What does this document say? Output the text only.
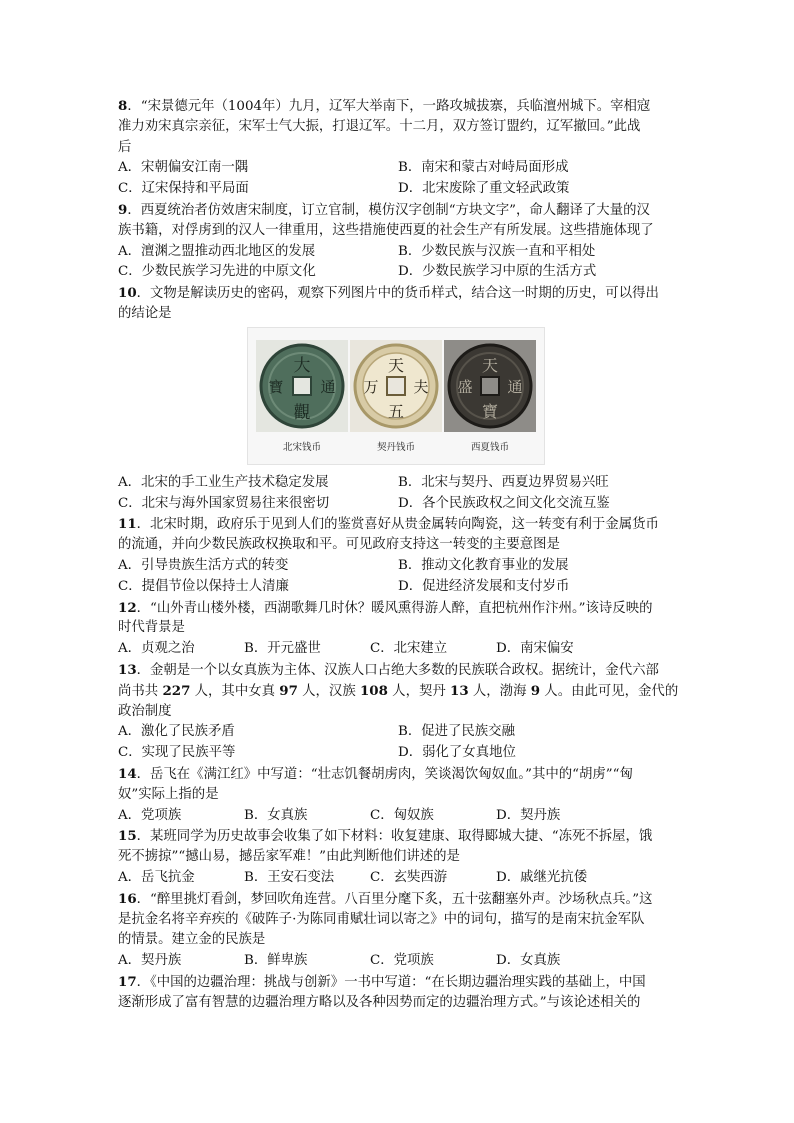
8．“宋景德元年（1004年）九月，辽军大举南下，一路攻城拔寨，兵临澶州城下。宰相寇
准力劝宋真宗亲征，宋军士气大振，打退辽军。十二月，双方签订盟约，辽军撤回。”此战
后
A．宋朝偏安江南一隅	B．南宋和蒙古对峙局面形成
C．辽宋保持和平局面	D．北宋废除了重文轻武政策
9．西夏统治者仿效唐宋制度，订立官制，模仿汉字创制“方块文字”，命人翻译了大量的汉
族书籍，对俘虏到的汉人一律重用，这些措施使西夏的社会生产有所发展。这些措施体现了
A．澶渊之盟推动西北地区的发展	B．少数民族与汉族一直和平相处
C．少数民族学习先进的中原文化	D．少数民族学习中原的生活方式
10．文物是解读历史的密码，观察下列图片中的货币样式，结合这一时期的历史，可以得出
的结论是
大
觀
寶 通
北宋钱币
天
五
万 夫
契丹钱币
天
寶
盛 通
西夏钱币
A．北宋的手工业生产技术稳定发展	B．北宋与契丹、西夏边界贸易兴旺
C．北宋与海外国家贸易往来很密切	D．各个民族政权之间文化交流互鉴
11．北宋时期，政府乐于见到人们的鉴赏喜好从贵金属转向陶瓷，这一转变有利于金属货币
的流通，并向少数民族政权换取和平。可见政府支持这一转变的主要意图是
A．引导贵族生活方式的转变	B．推动文化教育事业的发展
C．提倡节俭以保持士人清廉	D．促进经济发展和支付岁币
12．“山外青山楼外楼，西湖歌舞几时休？暖风熏得游人醉，直把杭州作汴州。”该诗反映的
时代背景是
A．贞观之治	B．开元盛世	C．北宋建立	D．南宋偏安
13．金朝是一个以女真族为主体、汉族人口占绝大多数的民族联合政权。据统计，金代六部
尚书共 227 人，其中女真 97 人，汉族 108 人，契丹 13 人，渤海 9 人。由此可见，金代的
政治制度
A．激化了民族矛盾	B．促进了民族交融
C．实现了民族平等	D．弱化了女真地位
14．岳飞在《满江红》中写道：“壮志饥餐胡虏肉，笑谈渴饮匈奴血。”其中的“胡虏”“匈
奴”实际上指的是
A．党项族	B．女真族	C．匈奴族	D．契丹族
15．某班同学为历史故事会收集了如下材料：收复建康、取得郾城大捷、“冻死不拆屋，饿
死不掳掠”“撼山易，撼岳家军难！”由此判断他们讲述的是
A．岳飞抗金	B．王安石变法	C．玄奘西游	D．戚继光抗倭
16．“醉里挑灯看剑，梦回吹角连营。八百里分麾下炙，五十弦翻塞外声。沙场秋点兵。”这
是抗金名将辛弃疾的《破阵子·为陈同甫赋壮词以寄之》中的词句，描写的是南宋抗金军队
的情景。建立金的民族是
A．契丹族	B．鲜卑族	C．党项族	D．女真族
17．《中国的边疆治理：挑战与创新》一书中写道：“在长期边疆治理实践的基础上，中国
逐渐形成了富有智慧的边疆治理方略以及各种因势而定的边疆治理方式。”与该论述相关的
